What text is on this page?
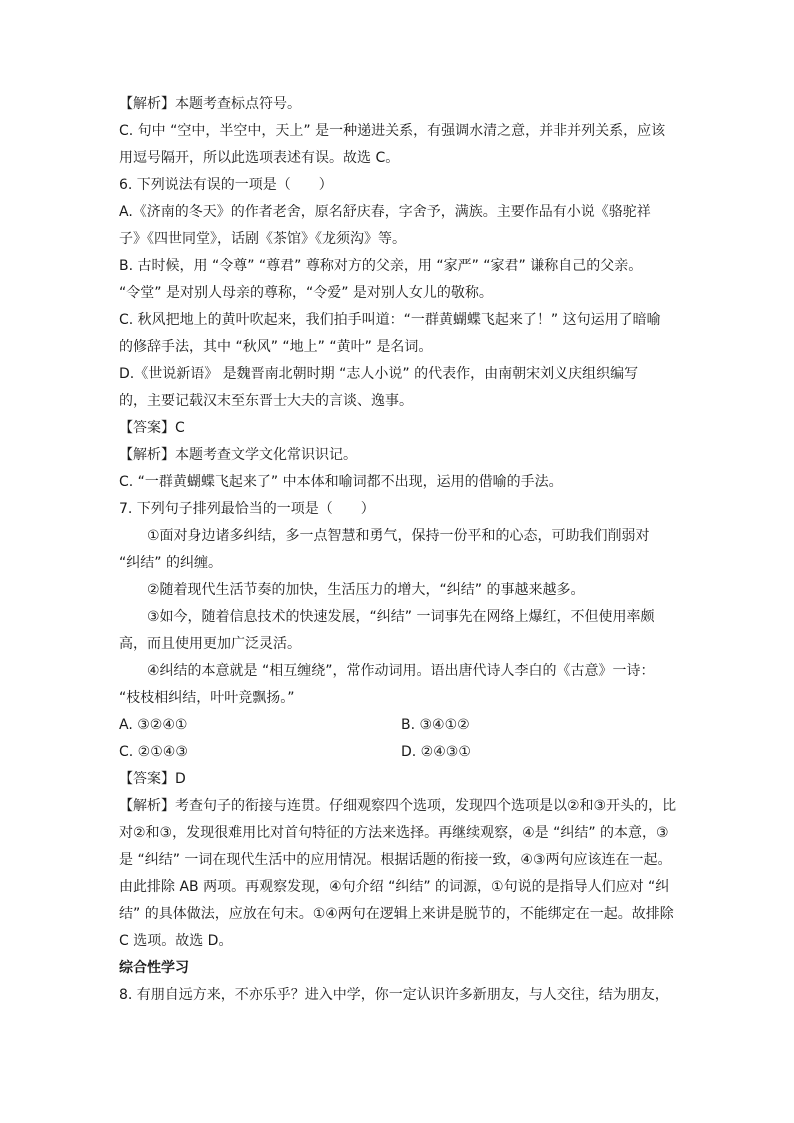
【解析】本题考查标点符号。
C. 句中 “空中，半空中，天上” 是一种递进关系，有强调水清之意，并非并列关系，应该
用逗号隔开，所以此选项表述有误。故选 C。
6. 下列说法有误的一项是（　　）
A.《济南的冬天》的作者老舍，原名舒庆春，字舍予，满族。主要作品有小说《骆驼祥
子》《四世同堂》，话剧《茶馆》《龙须沟》等。
B. 古时候，用 “令尊” “尊君” 尊称对方的父亲，用 “家严” “家君” 谦称自己的父亲。
“令堂” 是对别人母亲的尊称，“令爱” 是对别人女儿的敬称。
C. 秋风把地上的黄叶吹起来，我们拍手叫道：“一群黄蝴蝶飞起来了！” 这句运用了暗喻
的修辞手法，其中 “秋风” “地上” “黄叶” 是名词。
D.《世说新语》 是魏晋南北朝时期 “志人小说” 的代表作，由南朝宋刘义庆组织编写
的，主要记载汉末至东晋士大夫的言谈、逸事。
【答案】C
【解析】本题考查文学文化常识识记。
C. “一群黄蝴蝶飞起来了” 中本体和喻词都不出现，运用的借喻的手法。
7. 下列句子排列最恰当的一项是（　　）
①面对身边诸多纠结，多一点智慧和勇气，保持一份平和的心态，可助我们削弱对
“纠结” 的纠缠。
②随着现代生活节奏的加快，生活压力的增大，“纠结” 的事越来越多。
③如今，随着信息技术的快速发展，“纠结” 一词事先在网络上爆红，不但使用率颇
高，而且使用更加广泛灵活。
④纠结的本意就是 “相互缠绕”，常作动词用。语出唐代诗人李白的《古意》一诗：
“枝枝相纠结，叶叶竞飘扬。”
A. ③②④①	B. ③④①②
C. ②①④③	D. ②④③①
【答案】D
【解析】考查句子的衔接与连贯。仔细观察四个选项，发现四个选项是以②和③开头的，比
对②和③，发现很难用比对首句特征的方法来选择。再继续观察，④是 “纠结” 的本意，③
是 “纠结” 一词在现代生活中的应用情况。根据话题的衔接一致，④③两句应该连在一起。
由此排除 AB 两项。再观察发现，④句介绍 “纠结” 的词源，①句说的是指导人们应对 “纠
结” 的具体做法，应放在句末。①④两句在逻辑上来讲是脱节的，不能绑定在一起。故排除
C 选项。故选 D。
综合性学习
8. 有朋自远方来，不亦乐乎？进入中学，你一定认识许多新朋友，与人交往，结为朋友，
